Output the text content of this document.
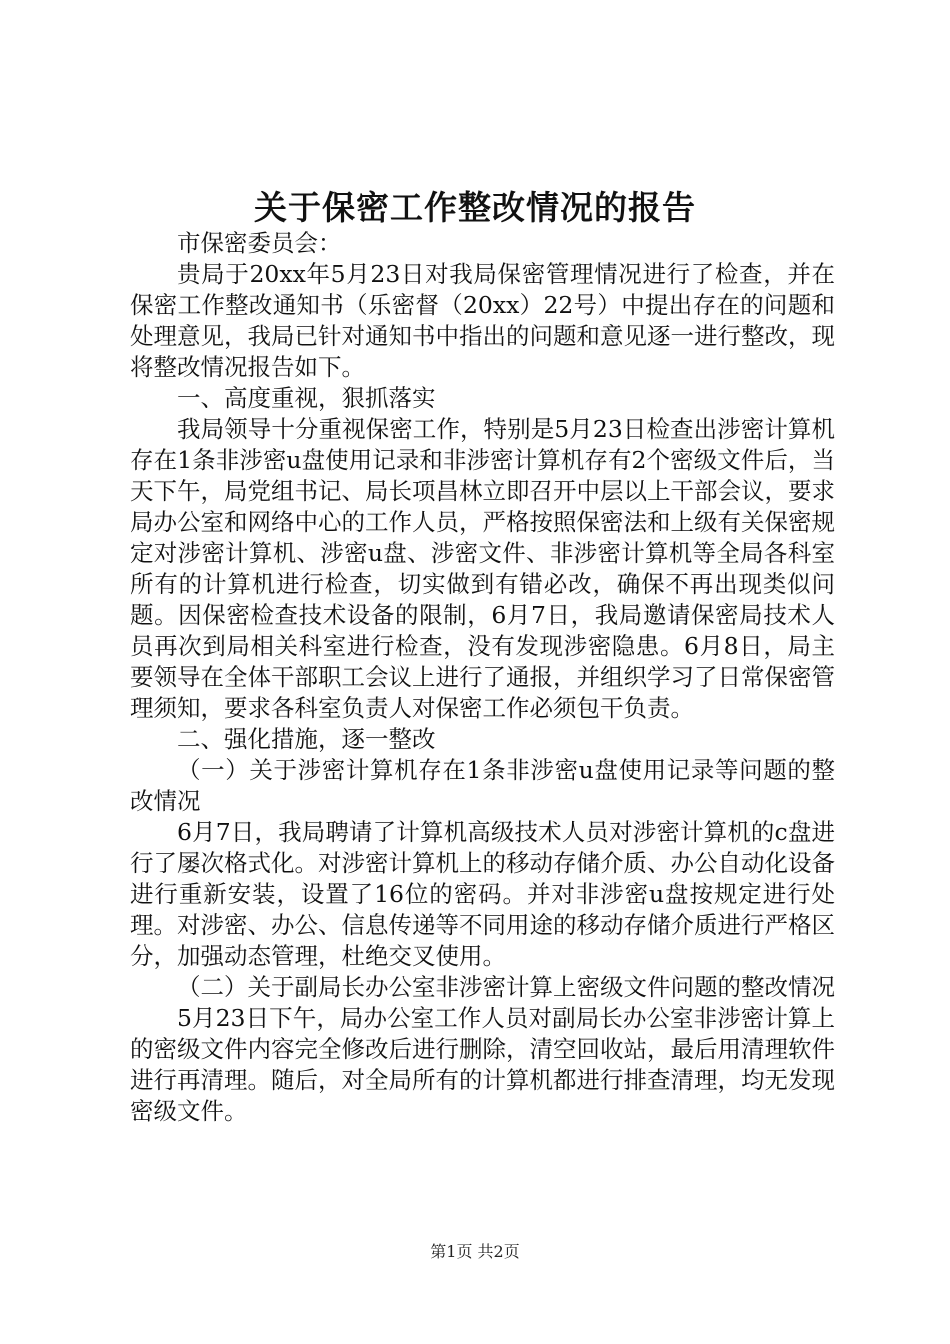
关于保密工作整改情况的报告

市保密委员会：

贵局于20xx年5月23日对我局保密管理情况进行了检查，并在保密工作整改通知书（乐密督（20xx）22号）中提出存在的问题和处理意见，我局已针对通知书中指出的问题和意见逐一进行整改，现将整改情况报告如下。

一、高度重视，狠抓落实

我局领导十分重视保密工作，特别是5月23日检查出涉密计算机存在1条非涉密u盘使用记录和非涉密计算机存有2个密级文件后，当天下午，局党组书记、局长项昌林立即召开中层以上干部会议，要求局办公室和网络中心的工作人员，严格按照保密法和上级有关保密规定对涉密计算机、涉密u盘、涉密文件、非涉密计算机等全局各科室所有的计算机进行检查，切实做到有错必改，确保不再出现类似问题。因保密检查技术设备的限制，6月7日，我局邀请保密局技术人员再次到局相关科室进行检查，没有发现涉密隐患。6月8日，局主要领导在全体干部职工会议上进行了通报，并组织学习了日常保密管理须知，要求各科室负责人对保密工作必须包干负责。

二、强化措施，逐一整改

（一）关于涉密计算机存在1条非涉密u盘使用记录等问题的整改情况

6月7日，我局聘请了计算机高级技术人员对涉密计算机的c盘进行了屡次格式化。对涉密计算机上的移动存储介质、办公自动化设备进行重新安装，设置了16位的密码。并对非涉密u盘按规定进行处理。对涉密、办公、信息传递等不同用途的移动存储介质进行严格区分，加强动态管理，杜绝交叉使用。

（二）关于副局长办公室非涉密计算上密级文件问题的整改情况

5月23日下午，局办公室工作人员对副局长办公室非涉密计算上的密级文件内容完全修改后进行删除，清空回收站，最后用清理软件进行再清理。随后，对全局所有的计算机都进行排查清理，均无发现密级文件。

第1页 共2页
